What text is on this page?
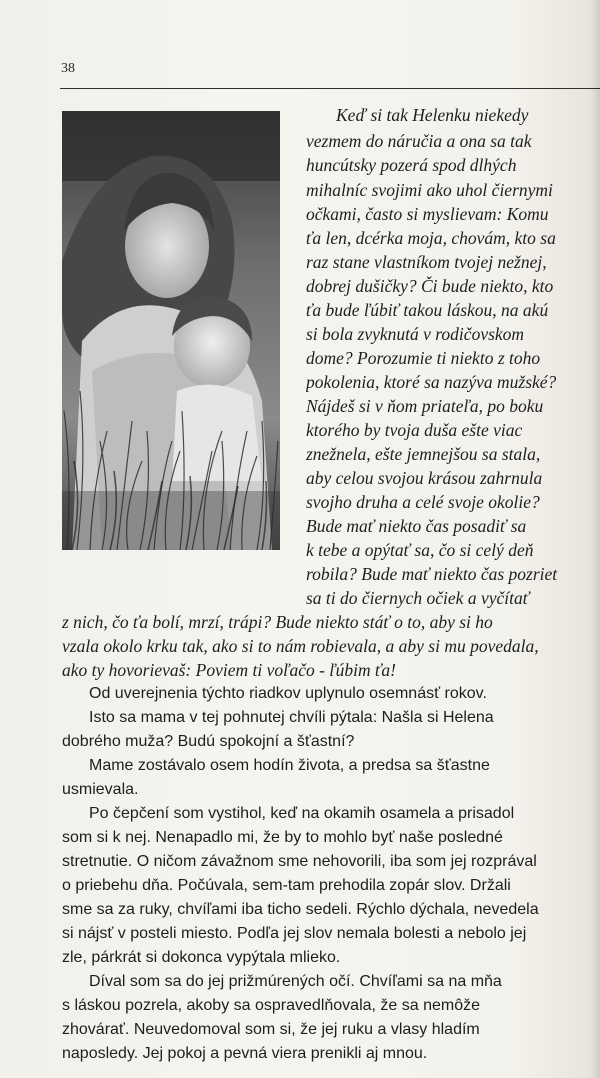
38
Keď si tak Helenku niekedy
vezmem do náručia a ona sa tak
huncútsky pozerá spod dlhých
mihalníc svojimi ako uhol čiernymi
očkami, často si myslievam: Komu
ťa len, dcérka moja, chovám, kto sa
raz stane vlastníkom tvojej nežnej,
dobrej dušičky? Či bude niekto, kto
ťa bude ľúbiť takou láskou, na akú
si bola zvyknutá v rodičovskom
dome? Porozumie ti niekto z toho
pokolenia, ktoré sa nazýva mužské?
Nájdeš si v ňom priateľa, po boku
ktorého by tvoja duša ešte viac
znežnela, ešte jemnejšou sa stala,
aby celou svojou krásou zahrnula
svojho druha a celé svoje okolie?
Bude mať niekto čas posadiť sa
k tebe a opýtať sa, čo si celý deň
robila? Bude mať niekto čas pozriet
sa ti do čiernych očiek a vyčítať
z nich, čo ťa bolí, mrzí, trápi? Bude niekto stáť o to, aby si ho
vzala okolo krku tak, ako si to nám robievala, a aby si mu povedala,
ako ty hovorievaš: Poviem ti voľačo - ľúbim ťa!
Od uverejnenia týchto riadkov uplynulo osemnásť rokov.
Isto sa mama v tej pohnutej chvíli pýtala: Našla si Helena
dobrého muža? Budú spokojní a šťastní?
Mame zostávalo osem hodín života, a predsa sa šťastne
usmievala.
Po čepčení som vystihol, keď na okamih osamela a prisadol
som si k nej. Nenapadlo mi, že by to mohlo byť naše posledné
stretnutie. O ničom závažnom sme nehovorili, iba som jej rozprával
o priebehu dňa. Počúvala, sem-tam prehodila zopár slov. Držali
sme sa za ruky, chvíľami iba ticho sedeli. Rýchlo dýchala, nevedela
si nájsť v posteli miesto. Podľa jej slov nemala bolesti a nebolo jej
zle, párkrát si dokonca vypýtala mlieko.
Díval som sa do jej prižmúrených očí. Chvíľami sa na mňa
s láskou pozrela, akoby sa ospravedlňovala, že sa nemôže
zhovárať. Neuvedomoval som si, že jej ruku a vlasy hladím
naposledy. Jej pokoj a pevná viera prenikli aj mnou.
